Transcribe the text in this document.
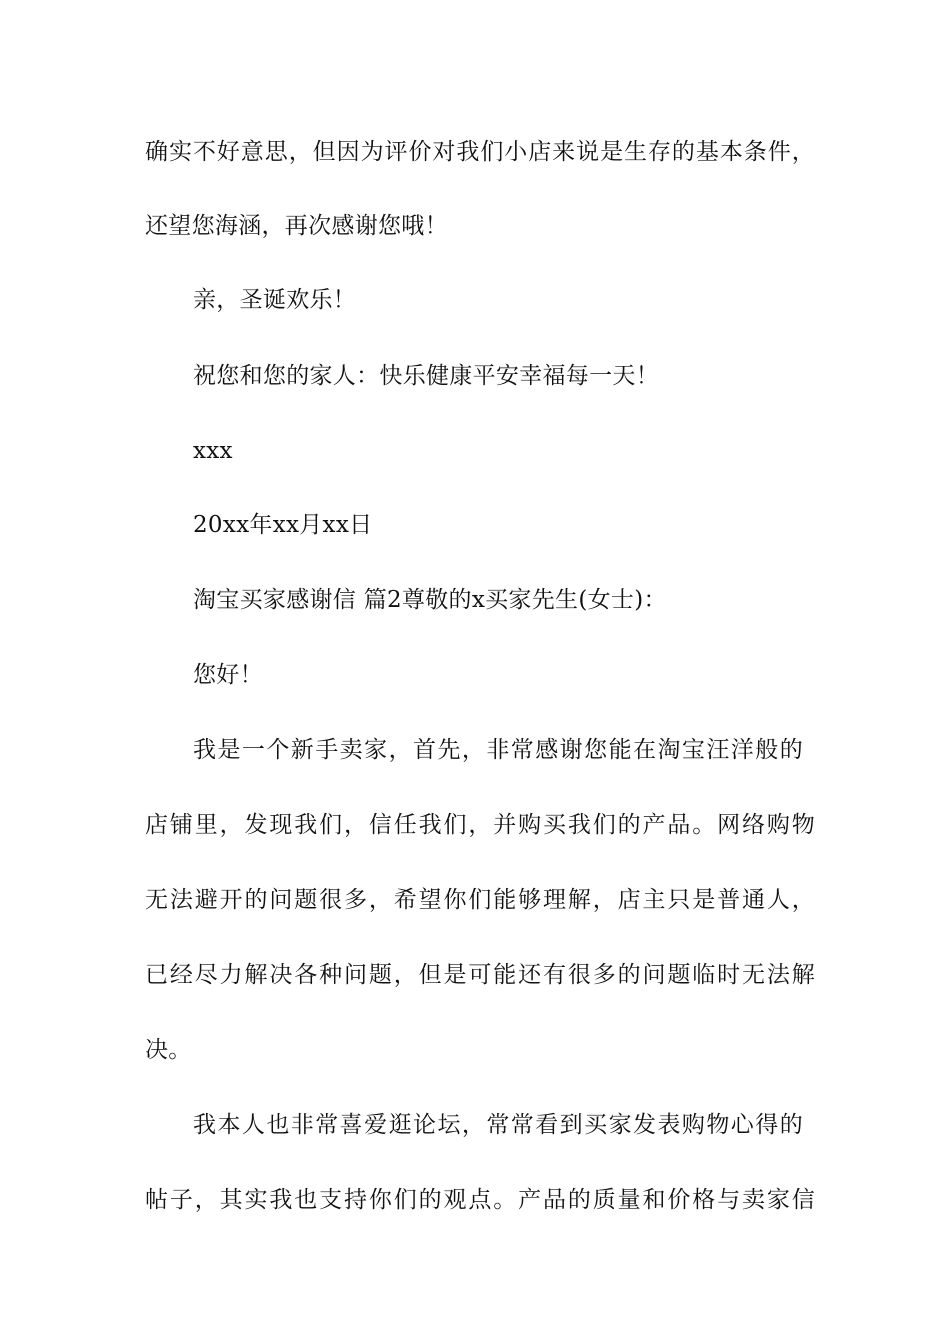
确实不好意思，但因为评价对我们小店来说是生存的基本条件，
还望您海涵，再次感谢您哦！
亲，圣诞欢乐！
祝您和您的家人：快乐健康平安幸福每一天！
xxx
20xx年xx月xx日
淘宝买家感谢信 篇2尊敬的x买家先生(女士)：
您好！
我是一个新手卖家，首先，非常感谢您能在淘宝汪洋般的
店铺里，发现我们，信任我们，并购买我们的产品。网络购物
无法避开的问题很多，希望你们能够理解，店主只是普通人，
已经尽力解决各种问题，但是可能还有很多的问题临时无法解
决。
我本人也非常喜爱逛论坛，常常看到买家发表购物心得的
帖子，其实我也支持你们的观点。产品的质量和价格与卖家信
